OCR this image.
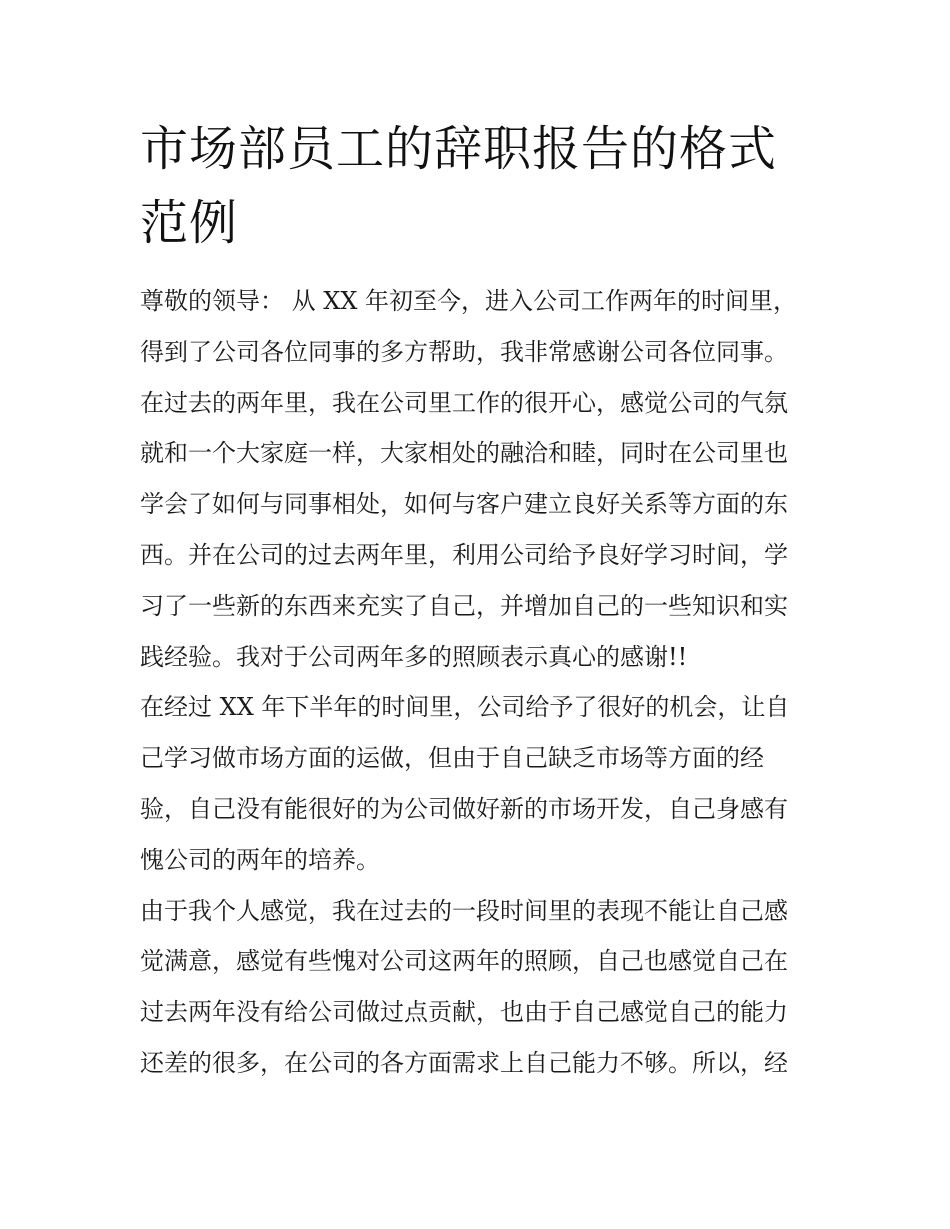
市场部员工的辞职报告的格式
范例
尊敬的领导： 从 XX 年初至今，进入公司工作两年的时间里，
得到了公司各位同事的多方帮助，我非常感谢公司各位同事。
在过去的两年里，我在公司里工作的很开心，感觉公司的气氛
就和一个大家庭一样，大家相处的融洽和睦，同时在公司里也
学会了如何与同事相处，如何与客户建立良好关系等方面的东
西。并在公司的过去两年里，利用公司给予良好学习时间，学
习了一些新的东西来充实了自己，并增加自己的一些知识和实
践经验。我对于公司两年多的照顾表示真心的感谢!!
在经过 XX 年下半年的时间里，公司给予了很好的机会，让自
己学习做市场方面的运做，但由于自己缺乏市场等方面的经
验，自己没有能很好的为公司做好新的市场开发，自己身感有
愧公司的两年的培养。
由于我个人感觉，我在过去的一段时间里的表现不能让自己感
觉满意，感觉有些愧对公司这两年的照顾，自己也感觉自己在
过去两年没有给公司做过点贡献，也由于自己感觉自己的能力
还差的很多，在公司的各方面需求上自己能力不够。所以，经
